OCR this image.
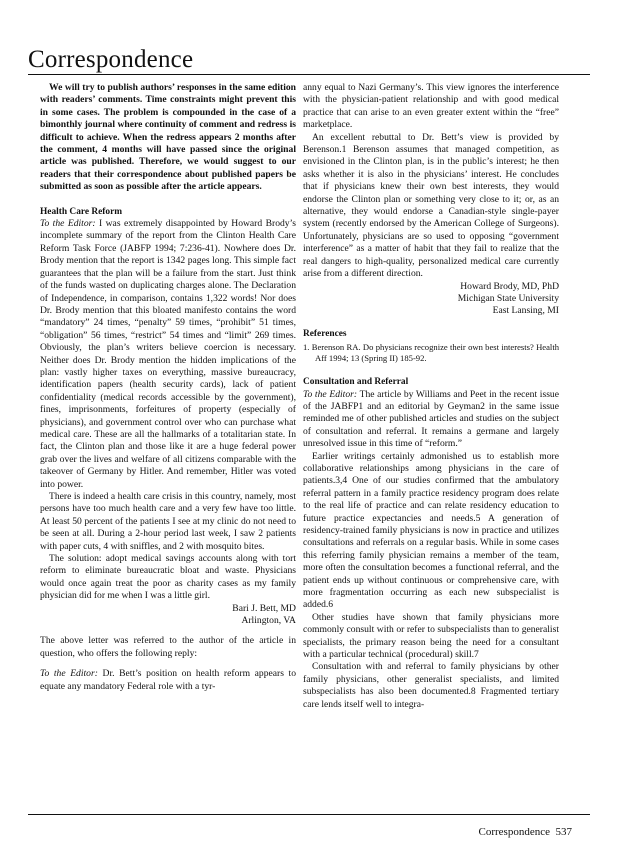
Correspondence

We will try to publish authors’ responses in the same edition with readers’ comments. Time constraints might prevent this in some cases. The problem is compounded in the case of a bimonthly journal where continuity of comment and redress is difficult to achieve. When the redress appears 2 months after the comment, 4 months will have passed since the original article was published. Therefore, we would suggest to our readers that their correspondence about published papers be submitted as soon as possible after the article appears.

Health Care Reform

To the Editor: I was extremely disappointed by Howard Brody’s incomplete summary of the report from the Clinton Health Care Reform Task Force (JABFP 1994; 7:236-41). Nowhere does Dr. Brody mention that the report is 1342 pages long. This simple fact guarantees that the plan will be a failure from the start. Just think of the funds wasted on duplicating charges alone. The Declaration of Independence, in comparison, contains 1,322 words! Nor does Dr. Brody mention that this bloated manifesto contains the word “mandatory” 24 times, “penalty” 59 times, “prohibit” 51 times, “obligation” 56 times, “restrict” 54 times and “limit” 269 times. Obviously, the plan’s writers believe coercion is necessary. Neither does Dr. Brody mention the hidden implications of the plan: vastly higher taxes on everything, massive bureaucracy, identification papers (health security cards), lack of patient confidentiality (medical records accessible by the government), fines, imprisonments, forfeitures of property (especially of physicians), and government control over who can purchase what medical care. These are all the hallmarks of a totalitarian state. In fact, the Clinton plan and those like it are a huge federal power grab over the lives and welfare of all citizens comparable with the takeover of Germany by Hitler. And remember, Hitler was voted into power.

There is indeed a health care crisis in this country, namely, most persons have too much health care and a very few have too little. At least 50 percent of the patients I see at my clinic do not need to be seen at all. During a 2-hour period last week, I saw 2 patients with paper cuts, 4 with sniffles, and 2 with mosquito bites.

The solution: adopt medical savings accounts along with tort reform to eliminate bureaucratic bloat and waste. Physicians would once again treat the poor as charity cases as my family physician did for me when I was a little girl.

Bari J. Bett, MD

Arlington, VA

The above letter was referred to the author of the article in question, who offers the following reply:

To the Editor: Dr. Bett’s position on health reform appears to equate any mandatory Federal role with a tyr-

anny equal to Nazi Germany’s. This view ignores the interference with the physician-patient relationship and with good medical practice that can arise to an even greater extent within the “free” marketplace.

An excellent rebuttal to Dr. Bett’s view is provided by Berenson.1 Berenson assumes that managed competition, as envisioned in the Clinton plan, is in the public’s interest; he then asks whether it is also in the physicians’ interest. He concludes that if physicians knew their own best interests, they would endorse the Clinton plan or something very close to it; or, as an alternative, they would endorse a Canadian-style single-payer system (recently endorsed by the American College of Surgeons). Unfortunately, physicians are so used to opposing “government interference” as a matter of habit that they fail to realize that the real dangers to high-quality, personalized medical care currently arise from a different direction.

Howard Brody, MD, PhD

Michigan State University

East Lansing, MI

References

1. Berenson RA. Do physicians recognize their own best interests? Health Aff 1994; 13 (Spring II) 185-92.

Consultation and Referral

To the Editor: The article by Williams and Peet in the recent issue of the JABFP1 and an editorial by Geyman2 in the same issue reminded me of other published articles and studies on the subject of consultation and referral. It remains a germane and largely unresolved issue in this time of “reform.”

Earlier writings certainly admonished us to establish more collaborative relationships among physicians in the care of patients.3,4 One of our studies confirmed that the ambulatory referral pattern in a family practice residency program does relate to the real life of practice and can relate residency education to future practice expectancies and needs.5 A generation of residency-trained family physicians is now in practice and utilizes consultations and referrals on a regular basis. While in some cases this referring family physician remains a member of the team, more often the consultation becomes a functional referral, and the patient ends up without continuous or comprehensive care, with more fragmentation occurring as each new subspecialist is added.6

Other studies have shown that family physicians more commonly consult with or refer to subspecialists than to generalist specialists, the primary reason being the need for a consultant with a particular technical (procedural) skill.7

Consultation with and referral to family physicians by other family physicians, other generalist specialists, and limited subspecialists has also been documented.8 Fragmented tertiary care lends itself well to integra-

Correspondence 537
